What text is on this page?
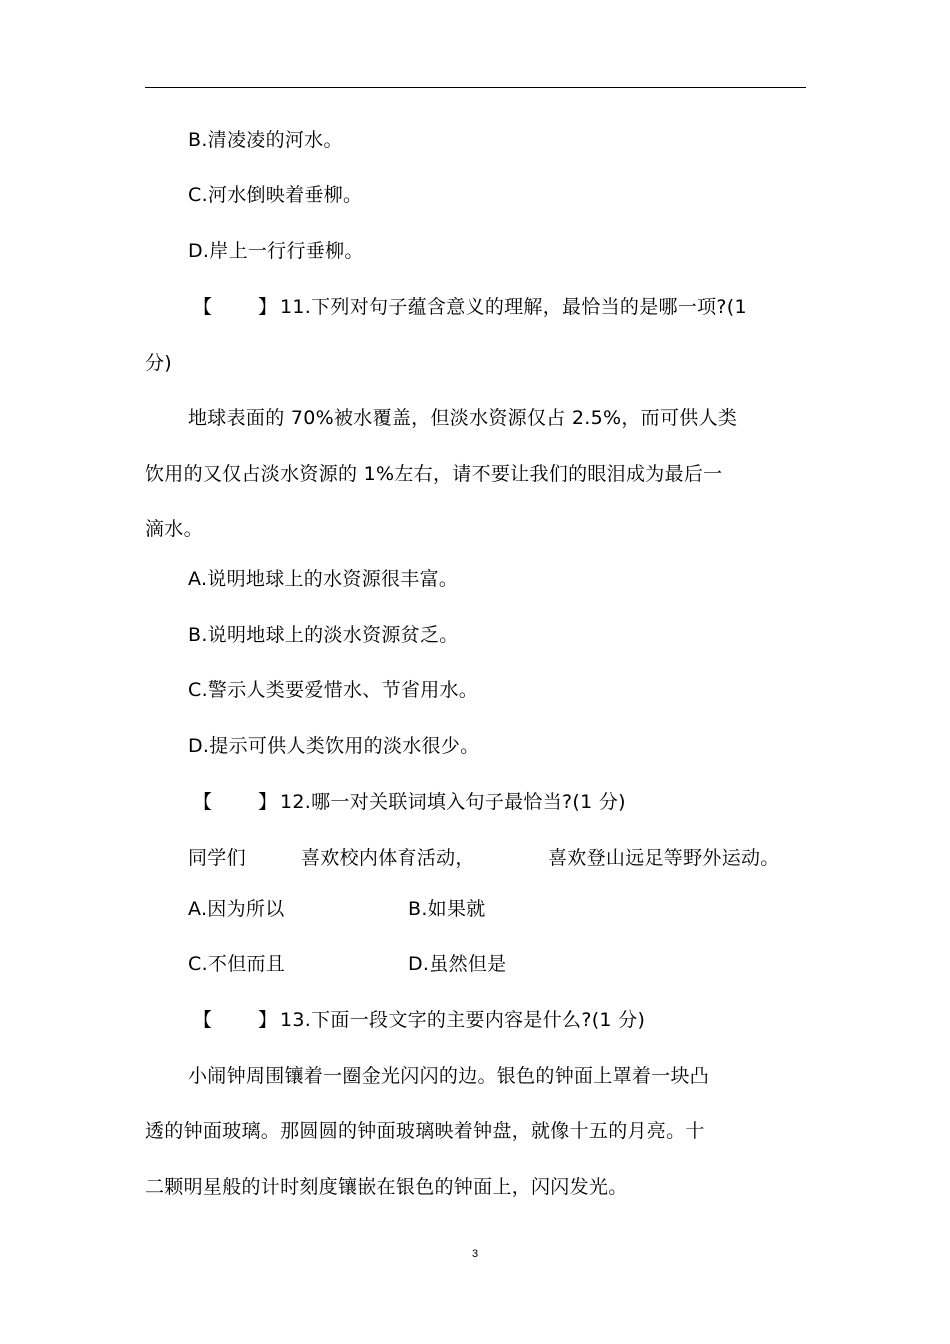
B.清凌凌的河水。
C.河水倒映着垂柳。
D.岸上一行行垂柳。
【 】 11.下列对句子蕴含意义的理解，最恰当的是哪一项?(1
分)
地球表面的 70%被水覆盖，但淡水资源仅占 2.5%，而可供人类
饮用的又仅占淡水资源的 1%左右，请不要让我们的眼泪成为最后一
滴水。
A.说明地球上的水资源很丰富。
B.说明地球上的淡水资源贫乏。
C.警示人类要爱惜水、节省用水。
D.提示可供人类饮用的淡水很少。
【 】 12.哪一对关联词填入句子最恰当?(1 分)
同学们	喜欢校内体育活动，	喜欢登山远足等野外运动。
A.因为所以	B.如果就
C.不但而且	D.虽然但是
【 】 13.下面一段文字的主要内容是什么?(1 分)
小闹钟周围镶着一圈金光闪闪的边。银色的钟面上罩着一块凸
透的钟面玻璃。那圆圆的钟面玻璃映着钟盘，就像十五的月亮。十
二颗明星般的计时刻度镶嵌在银色的钟面上，闪闪发光。
3
